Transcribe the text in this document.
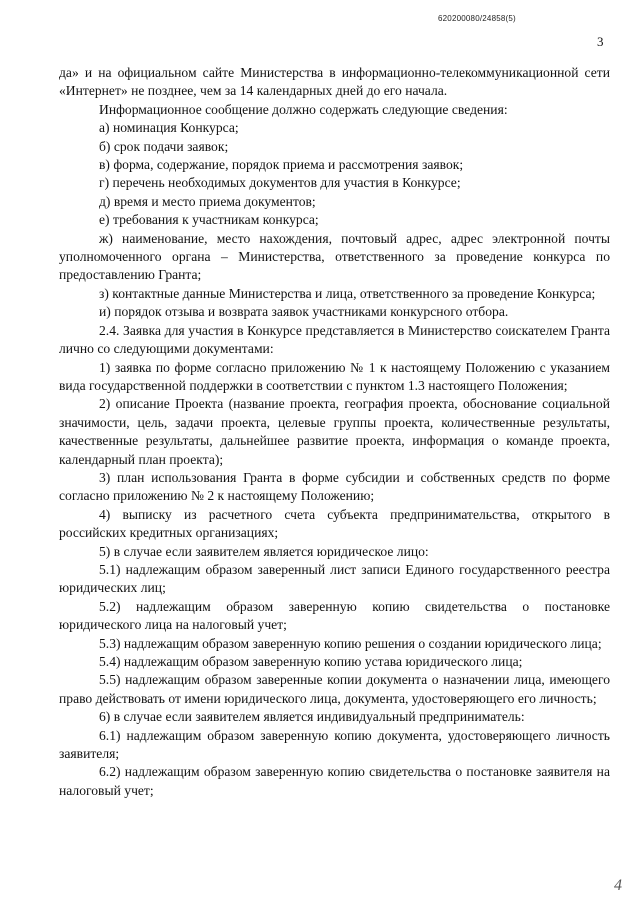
620200080/24858(5)
3

да» и на официальном сайте Министерства в информационно-телекоммуникационной сети «Интернет» не позднее, чем за 14 календарных дней до его начала.

Информационное сообщение должно содержать следующие сведения:

а) номинация Конкурса;

б) срок подачи заявок;

в) форма, содержание, порядок приема и рассмотрения заявок;

г) перечень необходимых документов для участия в Конкурсе;

д) время и место приема документов;

е) требования к участникам конкурса;

ж) наименование, место нахождения, почтовый адрес, адрес электронной почты уполномоченного органа – Министерства, ответственного за проведение конкурса по предоставлению Гранта;

з) контактные данные Министерства и лица, ответственного за проведение Конкурса;

и) порядок отзыва и возврата заявок участниками конкурсного отбора.

2.4. Заявка для участия в Конкурсе представляется в Министерство соискателем Гранта лично со следующими документами:

1) заявка по форме согласно приложению № 1 к настоящему Положению с указанием вида государственной поддержки в соответствии с пунктом 1.3 настоящего Положения;

2) описание Проекта (название проекта, география проекта, обоснование социальной значимости, цель, задачи проекта, целевые группы проекта, количественные результаты, качественные результаты, дальнейшее развитие проекта, информация о команде проекта, календарный план проекта);

3) план использования Гранта в форме субсидии и собственных средств по форме согласно приложению № 2 к настоящему Положению;

4) выписку из расчетного счета субъекта предпринимательства, открытого в российских кредитных организациях;

5) в случае если заявителем является юридическое лицо:

5.1) надлежащим образом заверенный лист записи Единого государственного реестра юридических лиц;

5.2) надлежащим образом заверенную копию свидетельства о постановке юридического лица на налоговый учет;

5.3) надлежащим образом заверенную копию решения о создании юридического лица;

5.4) надлежащим образом заверенную копию устава юридического лица;

5.5) надлежащим образом заверенные копии документа о назначении лица, имеющего право действовать от имени юридического лица, документа, удостоверяющего его личность;

6) в случае если заявителем является индивидуальный предприниматель:

6.1) надлежащим образом заверенную копию документа, удостоверяющего личность заявителя;

6.2) надлежащим образом заверенную копию свидетельства о постановке заявителя на налоговый учет;

4
